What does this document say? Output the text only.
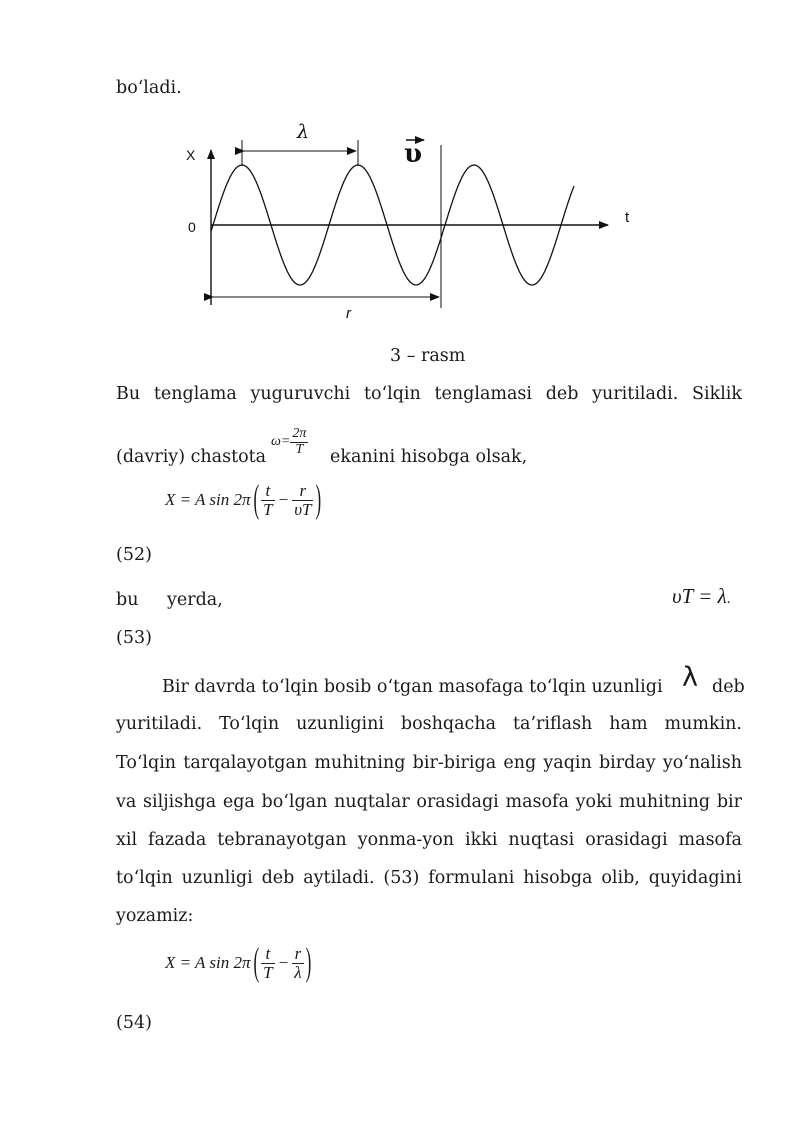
bo‘ladi.
X
0
t
λ
υ
r
3 – rasm
Bu tenglama yuguruvchi to‘lqin tenglamasi deb yuritiladi. Siklik
(davriy) chastota
$\omega= \frac{2\pi}{T}$ ekanini hisobga olsak,
X = A sin 2π ( $\frac{t}{T} - \frac{r}{\upsilon T}$ )
(52)
bu yerda,	υT = λ.
(53)
Bir davrda to‘lqin bosib o‘tgan masofaga to‘lqin uzunligi λ deb
yuritiladi. To‘lqin uzunligini boshqacha ta’riflash ham mumkin.
To‘lqin tarqalayotgan muhitning bir-biriga eng yaqin birday yo‘nalish
va siljishga ega bo‘lgan nuqtalar orasidagi masofa yoki muhitning bir
xil fazada tebranayotgan yonma-yon ikki nuqtasi orasidagi masofa
to‘lqin uzunligi deb aytiladi. (53) formulani hisobga olib, quyidagini
yozamiz:
X = A sin 2π ( $\frac{t}{T} - \frac{r}{\lambda}$ )
(54)
